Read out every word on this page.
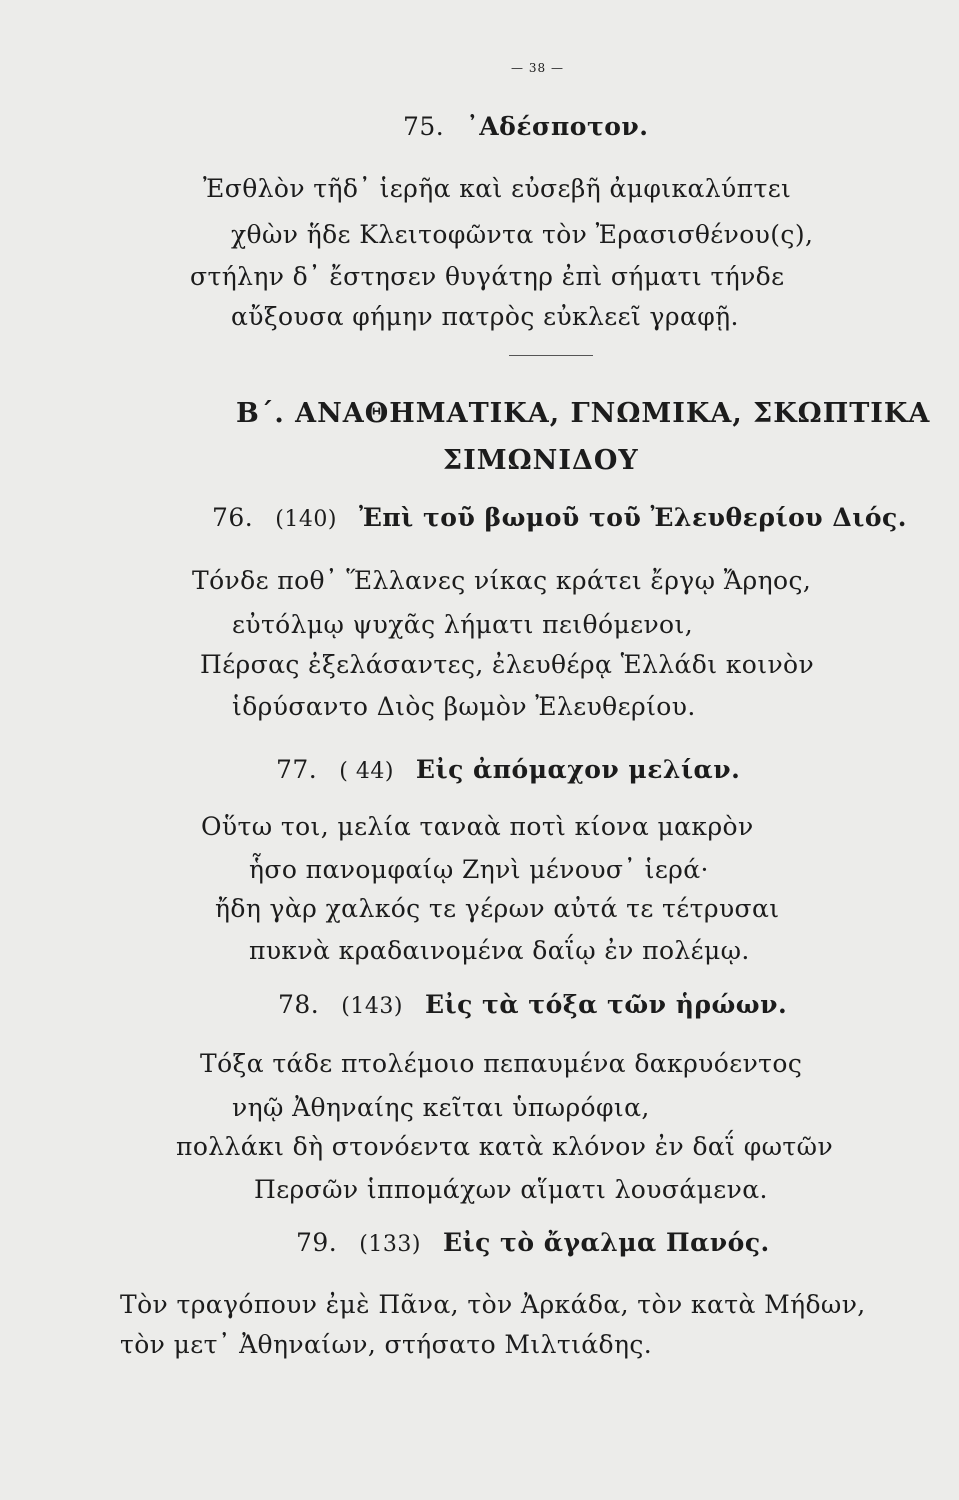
— 38 —
75. ᾿Αδέσποτον.
Ἐσθλὸν τῆδ᾿ ἱερῆα καὶ εὐσεβῆ ἀμφικαλύπτει
χθὼν ἥδε Κλειτοφῶντα τὸν Ἐρασισθένου(ς),
στήλην δ᾿ ἔστησεν θυγάτηρ ἐπὶ σήματι τήνδε
αὔξουσα φήμην πατρὸς εὐκλεεῖ γραφῇ.
Β΄. ΑΝΑΘΗΜΑΤΙΚΑ, ΓΝΩΜΙΚΑ, ΣΚΩΠΤΙΚΑ
ΣΙΜΩΝΙΔΟΥ
76. (140) Ἐπὶ τοῦ βωμοῦ τοῦ Ἐλευθερίου Διός.
Τόνδε ποθ᾿ Ἕλλανες νίκας κράτει ἔργῳ Ἄρηος,
εὐτόλμῳ ψυχᾶς λήματι πειθόμενοι,
Πέρσας ἐξελάσαντες, ἐλευθέρᾳ Ἑλλάδι κοινὸν
ἱδρύσαντο Διὸς βωμὸν Ἐλευθερίου.
77. ( 44) Εἰς ἀπόμαχον μελίαν.
Οὕτω τοι, μελία ταναὰ ποτὶ κίονα μακρὸν
ἧσο πανομφαίῳ Ζηνὶ μένουσ᾿ ἱερά·
ἤδη γὰρ χαλκός τε γέρων αὐτά τε τέτρυσαι
πυκνὰ κραδαινομένα δαΐῳ ἐν πολέμῳ.
78. (143) Εἰς τὰ τόξα τῶν ἡρώων.
Τόξα τάδε πτολέμοιο πεπαυμένα δακρυόεντος
νηῷ Ἀθηναίης κεῖται ὑπωρόφια,
πολλάκι δὴ στονόεντα κατὰ κλόνον ἐν δαΐ φωτῶν
Περσῶν ἱππομάχων αἵματι λουσάμενα.
79. (133) Εἰς τὸ ἄγαλμα Πανός.
Τὸν τραγόπουν ἐμὲ Πᾶνα, τὸν Ἀρκάδα, τὸν κατὰ Μήδων,
τὸν μετ᾿ Ἀθηναίων, στήσατο Μιλτιάδης.
